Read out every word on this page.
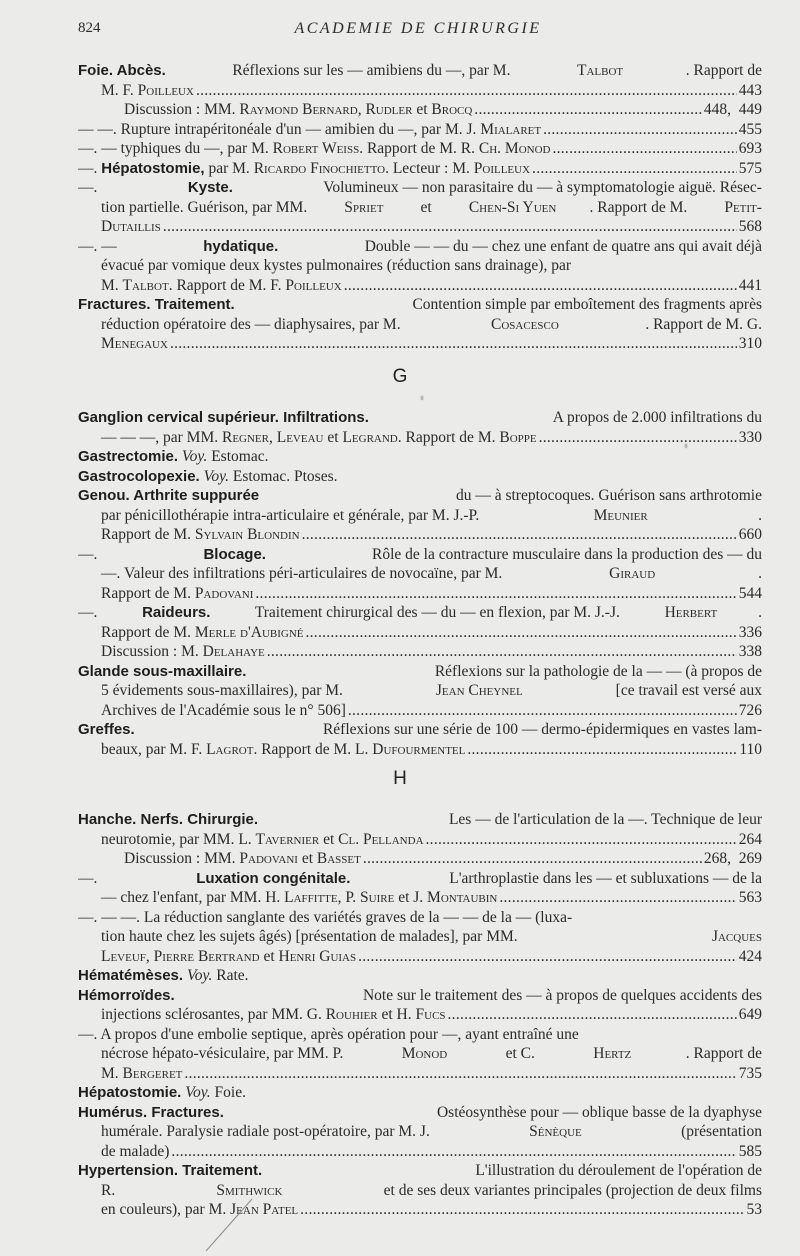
824	ACADEMIE DE CHIRURGIE
Foie. Abcès.	Réflexions sur les — amibiens du —, par M.	Talbot	. Rapport de
M. F. Poilleux . . .	443
Discussion : MM. Raymond Bernard , Rudler et Brocq . . .	448,  449
— —. Rupture intrapéritonéale d'un — amibien du —, par M. J. Mialaret . . .	455
—. — typhiques du —, par M. Robert Weiss . Rapport de M. R. Ch. Monod . . .	693
—. Hépatostomie, par M. Ricardo Finochietto . Lecteur : M. Poilleux . . .	575
—.	Kyste.	Volumineux — non parasitaire du — à symptomatologie aiguë. Résec-
tion partielle. Guérison, par MM. Spriet et Chen-Si Yuen . Rapport de M. Petit-
Dutaillis . . .	568
—. —	hydatique.	Double — — du — chez une enfant de quatre ans qui avait déjà
évacué par vomique deux kystes pulmonaires (réduction sans drainage), par
M. Talbot . Rapport de M. F. Poilleux . . .	441
Fractures. Traitement.	Contention simple par emboîtement des fragments après
réduction opératoire des — diaphysaires, par M.	Cosacesco	. Rapport de M. G.
Menegaux . . .	310
G
Ganglion cervical supérieur. Infiltrations.	A propos de 2.000 infiltrations du
— — —, par MM. Regner , Leveau et Legrand . Rapport de M. Boppe . . .	330
Gastrectomie.
Voy. Estomac.
Gastrocolopexie.
Voy. Estomac. Ptoses.
Genou. Arthrite suppurée	du — à streptocoques. Guérison sans arthrotomie
par pénicillothérapie intra-articulaire et générale, par M. J.-P.	Meunier	.
Rapport de M. Sylvain Blondin . . .	660
—.	Blocage.	Rôle de la contracture musculaire dans la production des — du
—. Valeur des infiltrations péri-articulaires de novocaïne, par M.	Giraud	.
Rapport de M. Padovani . . .	544
—.	Raideurs.	Traitement chirurgical des — du — en flexion, par M. J.-J.	Herbert	.
Rapport de M. Merle d'Aubigné . . .	336
Discussion : M. Delahaye . . .	338
Glande sous-maxillaire.	Réflexions sur la pathologie de la — — (à propos de
5 évidements sous-maxillaires), par M.	Jean Cheynel	[ce travail est versé aux
Archives de l'Académie sous le n° 506] . . .	726
Greffes.	Réflexions sur une série de 100 — dermo-épidermiques en vastes lam-
beaux, par M. F. Lagrot . Rapport de M. L. Dufourmentel . . .	110
H
Hanche. Nerfs. Chirurgie.	Les — de l'articulation de la —. Technique de leur
neurotomie, par MM. L. Tavernier et Cl. Pellanda . . .	264
Discussion : MM. Padovani et Basset . . .	268,  269
—.	Luxation congénitale.	L'arthroplastie dans les — et subluxations — de la
— chez l'enfant, par MM. H. Laffitte , P. Suire et J. Montaubin . . .	563
—. — —. La réduction sanglante des variétés graves de la — — de la — (luxa-
tion haute chez les sujets âgés) [présentation de malades], par MM.	Jacques
Leveuf , Pierre Bertrand et Henri Guias . . .	424
Hématémèses.
Voy. Rate.
Hémorroïdes.	Note sur le traitement des — à propos de quelques accidents des
injections sclérosantes, par MM. G. Rouhier et H. Fucs . . .	649
—. A propos d'une embolie septique, après opération pour —, ayant entraîné une
nécrose hépato-vésiculaire, par MM. P.	Monod	et C.	Hertz	. Rapport de
M. Bergeret . . .	735
Hépatostomie.
Voy. Foie.
Humérus. Fractures.	Ostéosynthèse pour — oblique basse de la dyaphyse
humérale. Paralysie radiale post-opératoire, par M. J.	Sénèque	(présentation
de malade) . . .	585
Hypertension. Traitement.	L'illustration du déroulement de l'opération de
R.	Smithwick	et de ses deux variantes principales (projection de deux films
en couleurs), par M. Jean Patel . . .	53
